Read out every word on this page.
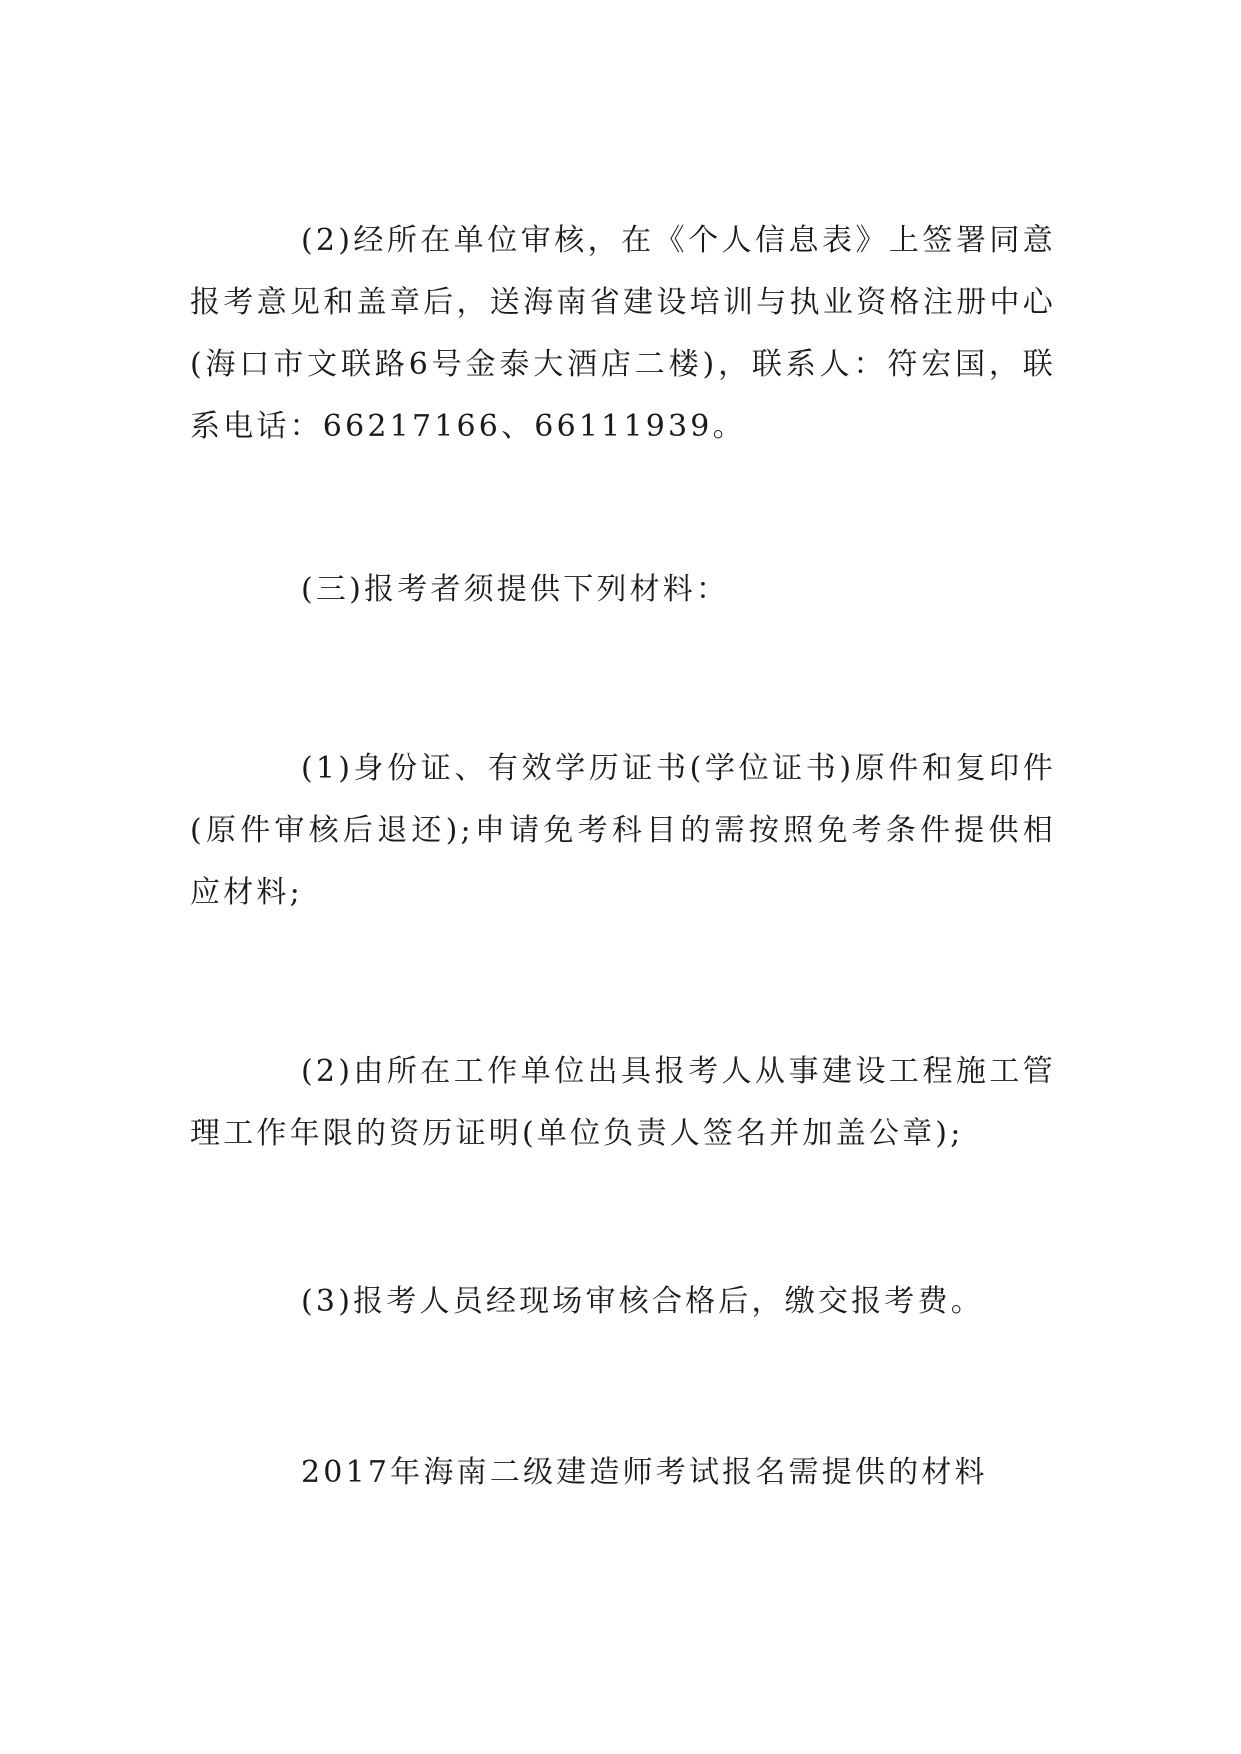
(2)经所在单位审核，在《个人信息表》上签署同意报考意见和盖章后，送海南省建设培训与执业资格注册中心(海口市文联路6号金泰大酒店二楼)，联系人：符宏国，联系电话：66217166、66111939。

(三)报考者须提供下列材料：

(1)身份证、有效学历证书(学位证书)原件和复印件(原件审核后退还);申请免考科目的需按照免考条件提供相应材料;

(2)由所在工作单位出具报考人从事建设工程施工管理工作年限的资历证明(单位负责人签名并加盖公章);

(3)报考人员经现场审核合格后，缴交报考费。

2017年海南二级建造师考试报名需提供的材料
